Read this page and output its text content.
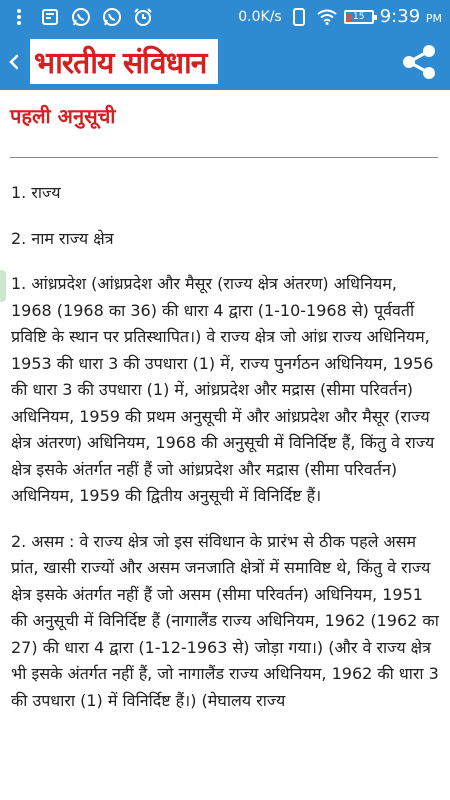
0.0K/s	15 9:39 PM
भारतीय संविधान
पहली अनुसूची

1. राज्य

2. नाम राज्य क्षेत्र

1. आंध्रप्रदेश (आंध्रप्रदेश और मैसूर (राज्य क्षेत्र अंतरण) अधिनियम, 1968 (1968 का 36) की धारा 4 द्वारा (1-10-1968 से) पूर्ववर्ती प्रविष्टि के स्थान पर प्रतिस्थापित।) वे राज्य क्षेत्र जो आंध्र राज्य अधिनियम, 1953 की धारा 3 की उपधारा (1) में, राज्य पुनर्गठन अधिनियम, 1956 की धारा 3 की उपधारा (1) में, आंध्रप्रदेश और मद्रास (सीमा परिवर्तन) अधिनियम, 1959 की प्रथम अनुसूची में और आंध्रप्रदेश और मैसूर (राज्य क्षेत्र अंतरण) अधिनियम, 1968 की अनुसूची में विनिर्दिष्ट हैं, किंतु वे राज्य क्षेत्र इसके अंतर्गत नहीं हैं जो आंध्रप्रदेश और मद्रास (सीमा परिवर्तन) अधिनियम, 1959 की द्वितीय अनुसूची में विनिर्दिष्ट हैं।

2. असम : वे राज्य क्षेत्र जो इस संविधान के प्रारंभ से ठीक पहले असम प्रांत, खासी राज्यों और असम जनजाति क्षेत्रों में समाविष्ट थे, किंतु वे राज्य क्षेत्र इसके अंतर्गत नहीं हैं जो असम (सीमा परिवर्तन) अधिनियम, 1951 की अनुसूची में विनिर्दिष्ट हैं (नागालैंड राज्य अधिनियम, 1962 (1962 का 27) की धारा 4 द्वारा (1-12-1963 से) जोड़ा गया।) (और वे राज्य क्षेत्र भी इसके अंतर्गत नहीं हैं, जो नागालैंड राज्य अधिनियम, 1962 की धारा 3 की उपधारा (1) में विनिर्दिष्ट हैं।) (मेघालय राज्य
